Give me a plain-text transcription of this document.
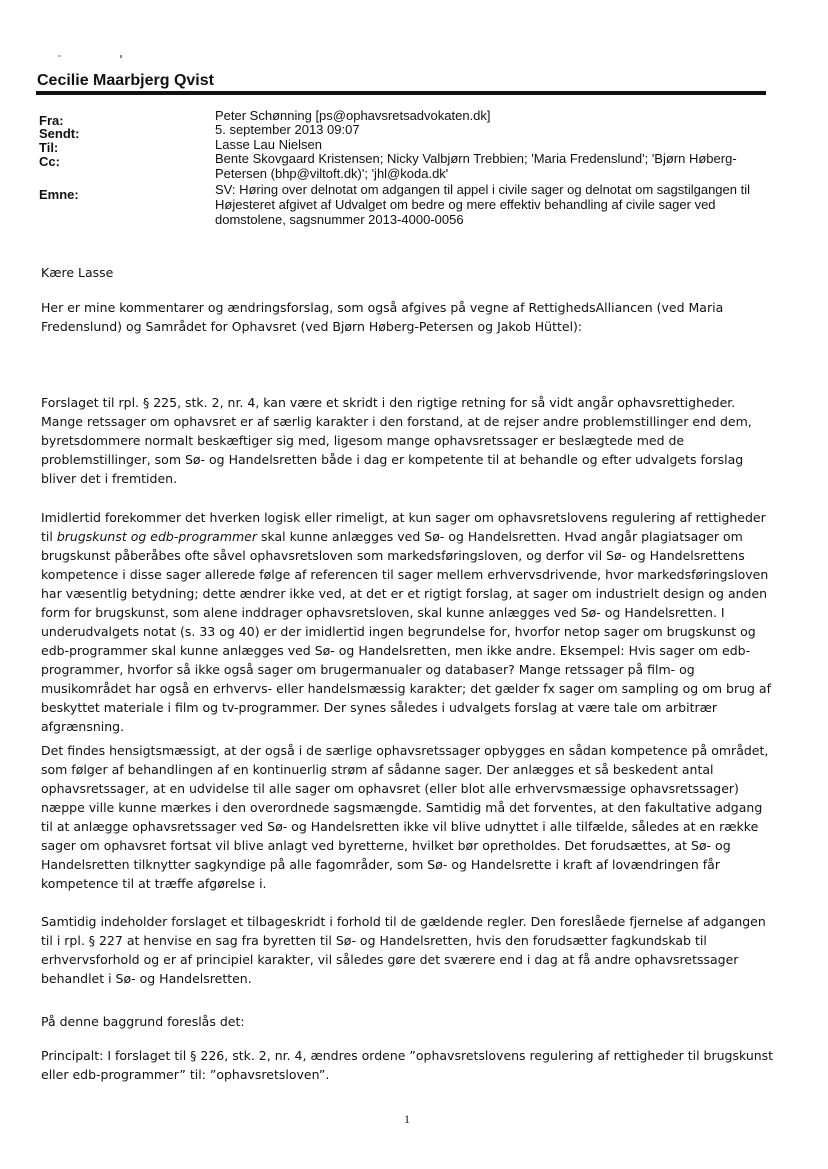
Cecilie Maarbjerg Qvist
Fra:	Peter Schønning [ps@ophavsretsadvokaten.dk]
Sendt:	5. september 2013 09:07
Til:	Lasse Lau Nielsen
Cc:	Bente Skovgaard Kristensen; Nicky Valbjørn Trebbien; 'Maria Fredenslund'; 'Bjørn Høberg-Petersen (bhp@viltoft.dk)'; 'jhl@koda.dk'
Emne:	SV: Høring over delnotat om adgangen til appel i civile sager og delnotat om sagstilgangen til Højesteret afgivet af Udvalget om bedre og mere effektiv behandling af civile sager ved domstolene, sagsnummer 2013-4000-0056

Kære Lasse

Her er mine kommentarer og ændringsforslag, som også afgives på vegne af RettighedsAlliancen (ved Maria Fredenslund) og Samrådet for Ophavsret (ved Bjørn Høberg-Petersen og Jakob Hüttel):

Forslaget til rpl. § 225, stk. 2, nr. 4, kan være et skridt i den rigtige retning for så vidt angår ophavsrettigheder. Mange retssager om ophavsret er af særlig karakter i den forstand, at de rejser andre problemstillinger end dem, byretsdommere normalt beskæftiger sig med, ligesom mange ophavsretssager er beslægtede med de problemstillinger, som Sø- og Handelsretten både i dag er kompetente til at behandle og efter udvalgets forslag bliver det i fremtiden.

Imidlertid forekommer det hverken logisk eller rimeligt, at kun sager om ophavsretslovens regulering af rettigheder til brugskunst og edb-programmer skal kunne anlægges ved Sø- og Handelsretten. Hvad angår plagiatsager om brugskunst påberåbes ofte såvel ophavsretsloven som markedsføringsloven, og derfor vil Sø- og Handelsrettens kompetence i disse sager allerede følge af referencen til sager mellem erhvervsdrivende, hvor markedsføringsloven har væsentlig betydning; dette ændrer ikke ved, at det er et rigtigt forslag, at sager om industrielt design og anden form for brugskunst, som alene inddrager ophavsretsloven, skal kunne anlægges ved Sø- og Handelsretten. I underudvalgets notat (s. 33 og 40) er der imidlertid ingen begrundelse for, hvorfor netop sager om brugskunst og edb-programmer skal kunne anlægges ved Sø- og Handelsretten, men ikke andre. Eksempel: Hvis sager om edb-programmer, hvorfor så ikke også sager om brugermanualer og databaser? Mange retssager på film- og musikområdet har også en erhvervs- eller handelsmæssig karakter; det gælder fx sager om sampling og om brug af beskyttet materiale i film og tv-programmer. Der synes således i udvalgets forslag at være tale om arbitrær afgrænsning.

Det findes hensigtsmæssigt, at der også i de særlige ophavsretssager opbygges en sådan kompetence på området, som følger af behandlingen af en kontinuerlig strøm af sådanne sager. Der anlægges et så beskedent antal ophavsretssager, at en udvidelse til alle sager om ophavsret (eller blot alle erhvervsmæssige ophavsretssager) næppe ville kunne mærkes i den overordnede sagsmængde. Samtidig må det forventes, at den fakultative adgang til at anlægge ophavsretssager ved Sø- og Handelsretten ikke vil blive udnyttet i alle tilfælde, således at en række sager om ophavsret fortsat vil blive anlagt ved byretterne, hvilket bør opretholdes. Det forudsættes, at Sø- og Handelsretten tilknytter sagkyndige på alle fagområder, som Sø- og Handelsrette i kraft af lovændringen får kompetence til at træffe afgørelse i.

Samtidig indeholder forslaget et tilbageskridt i forhold til de gældende regler. Den foreslåede fjernelse af adgangen til i rpl. § 227 at henvise en sag fra byretten til Sø- og Handelsretten, hvis den forudsætter fagkundskab til erhvervsforhold og er af principiel karakter, vil således gøre det sværere end i dag at få andre ophavsretssager behandlet i Sø- og Handelsretten.

På denne baggrund foreslås det:

Principalt: I forslaget til § 226, stk. 2, nr. 4, ændres ordene ”ophavsretslovens regulering af rettigheder til brugskunst eller edb-programmer” til: ”ophavsretsloven”.

1
